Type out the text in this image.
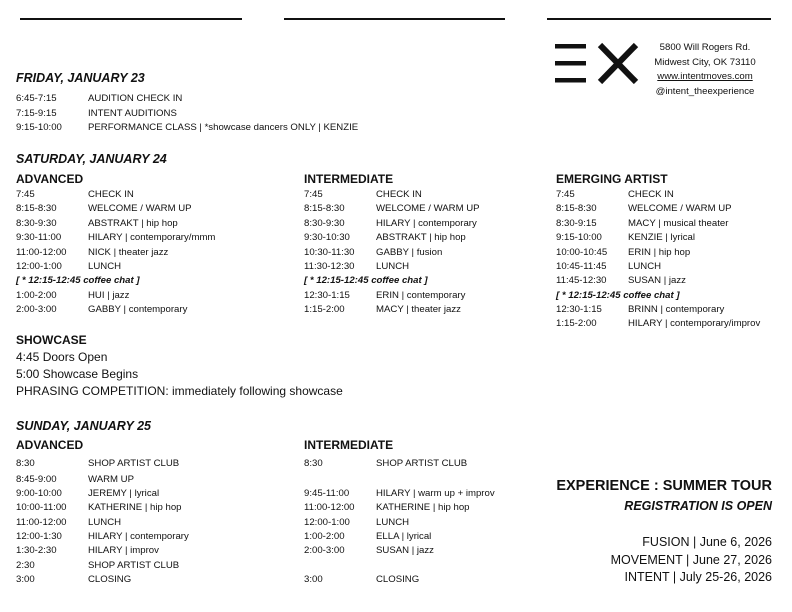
5800 Will Rogers Rd.
Midwest City, OK 73110
www.intentmoves.com
@intent_theexperience
FRIDAY, JANUARY 23
6:45-7:15	AUDITION CHECK IN
7:15-9:15	INTENT AUDITIONS
9:15-10:00	PERFORMANCE CLASS | *showcase dancers ONLY | KENZIE
SATURDAY, JANUARY 24
ADVANCED	INTERMEDIATE	EMERGING ARTIST
7:45	CHECK IN
8:15-8:30	WELCOME / WARM UP
8:30-9:30	ABSTRAKT | hip hop
9:30-11:00	HILARY | contemporary/mmm
11:00-12:00 NICK | theater jazz
12:00-1:00	LUNCH
[ * 12:15-12:45 coffee chat ]
1:00-2:00	HUI | jazz
2:00-3:00	GABBY | contemporary
7:45	CHECK IN
8:15-8:30	WELCOME / WARM UP
8:30-9:30	HILARY | contemporary
9:30-10:30	ABSTRAKT | hip hop
10:30-11:30 GABBY | fusion
11:30-12:30 LUNCH
[ * 12:15-12:45 coffee chat ]
12:30-1:15	ERIN | contemporary
1:15-2:00	MACY | theater jazz
7:45	CHECK IN
8:15-8:30	WELCOME / WARM UP
8:30-9:15	MACY | musical theater
9:15-10:00	KENZIE | lyrical
10:00-10:45 ERIN | hip hop
10:45-11:45 LUNCH
11:45-12:30 SUSAN | jazz
[ * 12:15-12:45 coffee chat ]
12:30-1:15	BRINN | contemporary
1:15-2:00	HILARY | contemporary/improv
SHOWCASE
4:45 Doors Open
5:00 Showcase Begins
PHRASING COMPETITION: immediately following showcase
SUNDAY, JANUARY 25
ADVANCED	INTERMEDIATE
8:30	SHOP ARTIST CLUB
8:45-9:00	WARM UP
9:00-10:00	JEREMY | lyrical
10:00-11:00 KATHERINE | hip hop
11:00-12:00 LUNCH
12:00-1:30	HILARY | contemporary
1:30-2:30	HILARY | improv
2:30	SHOP ARTIST CLUB
3:00	CLOSING
8:30	SHOP ARTIST CLUB
9:45-11:00	HILARY | warm up + improv
11:00-12:00 KATHERINE | hip hop
12:00-1:00	LUNCH
1:00-2:00	ELLA | lyrical
2:00-3:00	SUSAN | jazz
3:00	CLOSING
EXPERIENCE : SUMMER TOUR
REGISTRATION IS OPEN
FUSION | June 6, 2026
MOVEMENT | June 27, 2026
INTENT | July 25-26, 2026
